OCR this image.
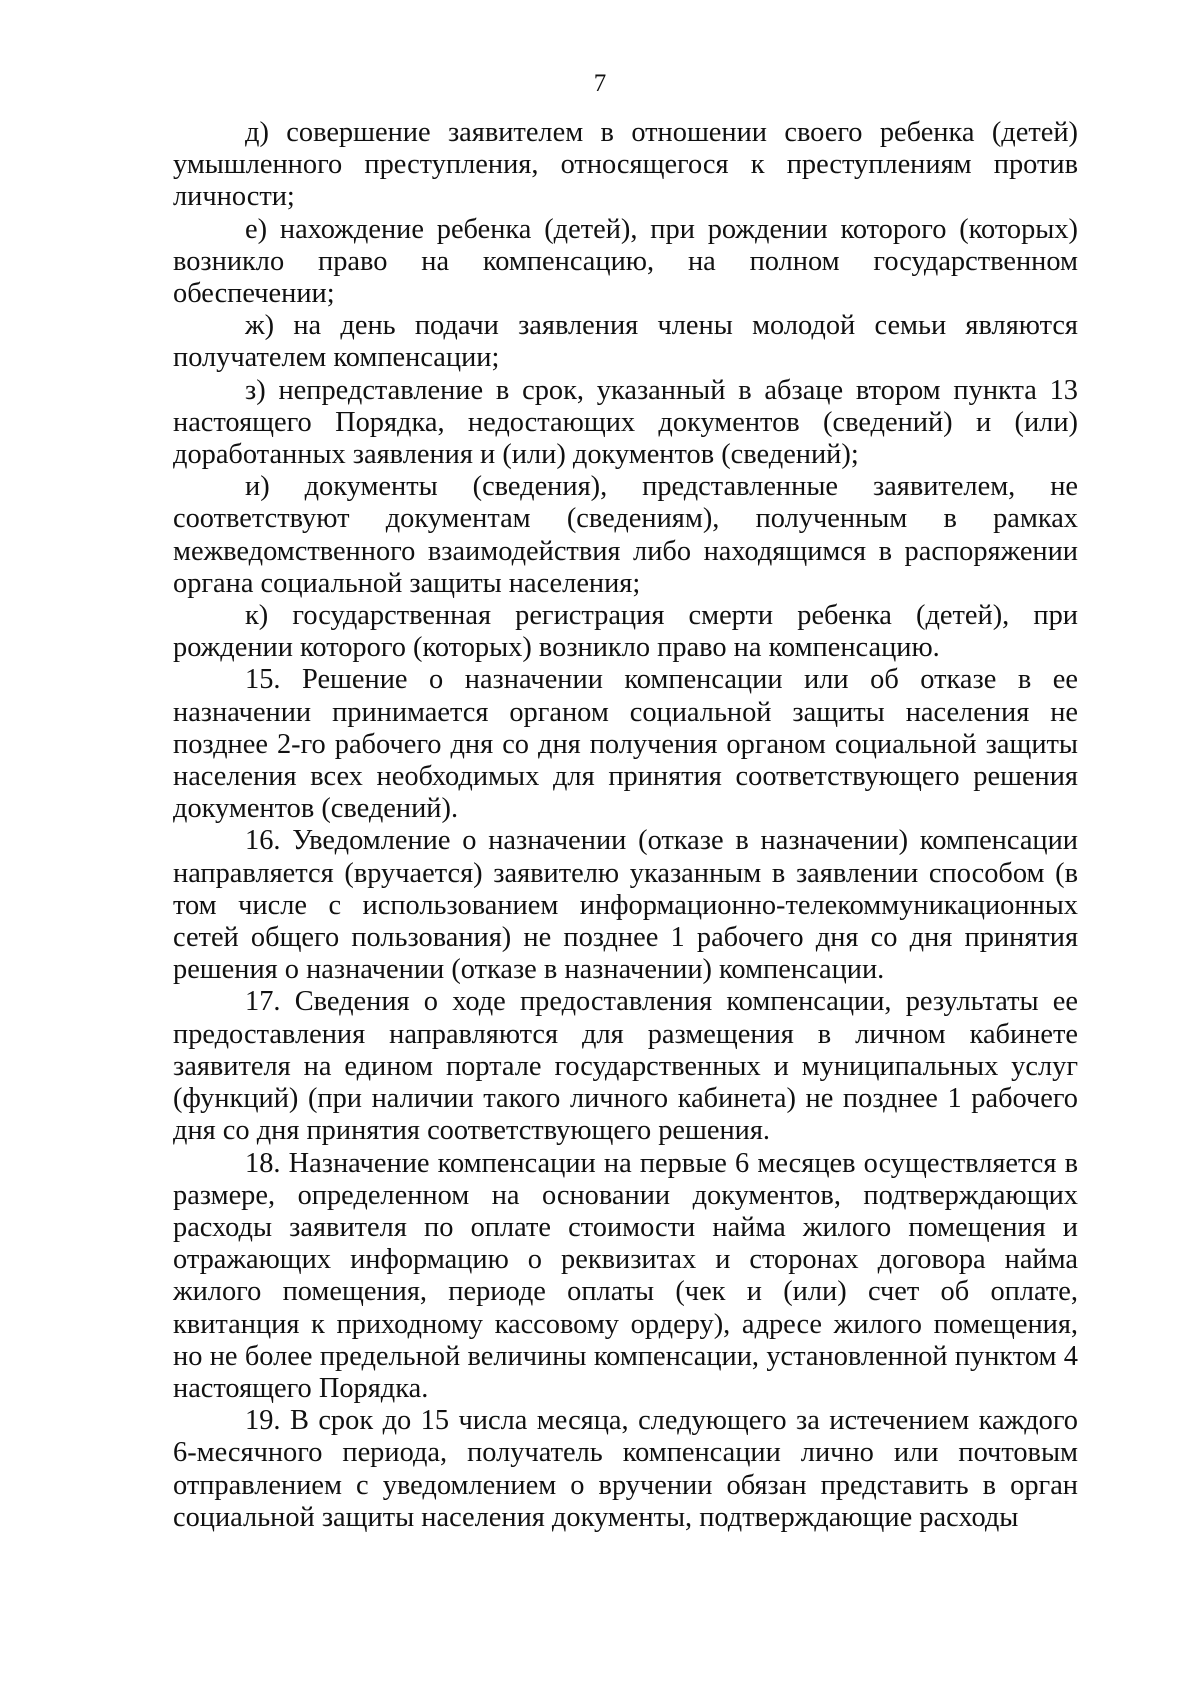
7

д) совершение заявителем в отношении своего ребенка (детей) умышленного преступления, относящегося к преступлениям против личности;

е) нахождение ребенка (детей), при рождении которого (которых) возникло право на компенсацию, на полном государственном обеспечении;

ж) на день подачи заявления члены молодой семьи являются получателем компенсации;

з) непредставление в срок, указанный в абзаце втором пункта 13 настоящего Порядка, недостающих документов (сведений) и (или) доработанных заявления и (или) документов (сведений);

и) документы (сведения), представленные заявителем, не соответствуют документам (сведениям), полученным в рамках межведомственного взаимодействия либо находящимся в распоряжении органа социальной защиты населения;

к) государственная регистрация смерти ребенка (детей), при рождении которого (которых) возникло право на компенсацию.

15. Решение о назначении компенсации или об отказе в ее назначении принимается органом социальной защиты населения не позднее 2-го рабочего дня со дня получения органом социальной защиты населения всех необходимых для принятия соответствующего решения документов (сведений).

16. Уведомление о назначении (отказе в назначении) компенсации направляется (вручается) заявителю указанным в заявлении способом (в том числе с использованием информационно-телекоммуникационных сетей общего пользования) не позднее 1 рабочего дня со дня принятия решения о назначении (отказе в назначении) компенсации.

17. Сведения о ходе предоставления компенсации, результаты ее предоставления направляются для размещения в личном кабинете заявителя на едином портале государственных и муниципальных услуг (функций) (при наличии такого личного кабинета) не позднее 1 рабочего дня со дня принятия соответствующего решения.

18. Назначение компенсации на первые 6 месяцев осуществляется в размере, определенном на основании документов, подтверждающих расходы заявителя по оплате стоимости найма жилого помещения и отражающих информацию о реквизитах и сторонах договора найма жилого помещения, периоде оплаты (чек и (или) счет об оплате, квитанция к приходному кассовому ордеру), адресе жилого помещения, но не более предельной величины компенсации, установленной пунктом 4 настоящего Порядка.

19. В срок до 15 числа месяца, следующего за истечением каждого 6-месячного периода, получатель компенсации лично или почтовым отправлением с уведомлением о вручении обязан представить в орган социальной защиты населения документы, подтверждающие расходы
